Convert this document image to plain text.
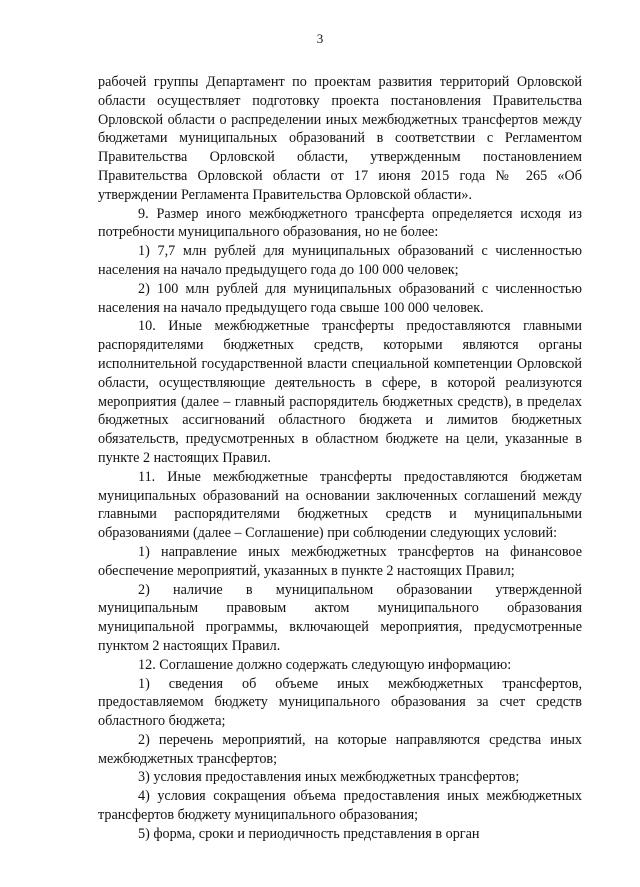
3

рабочей группы Департамент по проектам развития территорий Орловской области осуществляет подготовку проекта постановления Правительства Орловской области о распределении иных межбюджетных трансфертов между бюджетами муниципальных образований в соответствии с Регламентом Правительства Орловской области, утвержденным постановлением Правительства Орловской области от 17 июня 2015 года № 265 «Об утверждении Регламента Правительства Орловской области».

9. Размер иного межбюджетного трансферта определяется исходя из потребности муниципального образования, но не более:

1) 7,7 млн рублей для муниципальных образований с численностью населения на начало предыдущего года до 100 000 человек;

2) 100 млн рублей для муниципальных образований с численностью населения на начало предыдущего года свыше 100 000 человек.

10. Иные межбюджетные трансферты предоставляются главными распорядителями бюджетных средств, которыми являются органы исполнительной государственной власти специальной компетенции Орловской области, осуществляющие деятельность в сфере, в которой реализуются мероприятия (далее – главный распорядитель бюджетных средств), в пределах бюджетных ассигнований областного бюджета и лимитов бюджетных обязательств, предусмотренных в областном бюджете на цели, указанные в пункте 2 настоящих Правил.

11. Иные межбюджетные трансферты предоставляются бюджетам муниципальных образований на основании заключенных соглашений между главными распорядителями бюджетных средств и муниципальными образованиями (далее – Соглашение) при соблюдении следующих условий:

1) направление иных межбюджетных трансфертов на финансовое обеспечение мероприятий, указанных в пункте 2 настоящих Правил;

2) наличие в муниципальном образовании утвержденной муниципальным правовым актом муниципального образования муниципальной программы, включающей мероприятия, предусмотренные пунктом 2 настоящих Правил.

12. Соглашение должно содержать следующую информацию:

1) сведения об объеме иных межбюджетных трансфертов, предоставляемом бюджету муниципального образования за счет средств областного бюджета;

2) перечень мероприятий, на которые направляются средства иных межбюджетных трансфертов;

3) условия предоставления иных межбюджетных трансфертов;

4) условия сокращения объема предоставления иных межбюджетных трансфертов бюджету муниципального образования;

5) форма, сроки и периодичность представления в орган
